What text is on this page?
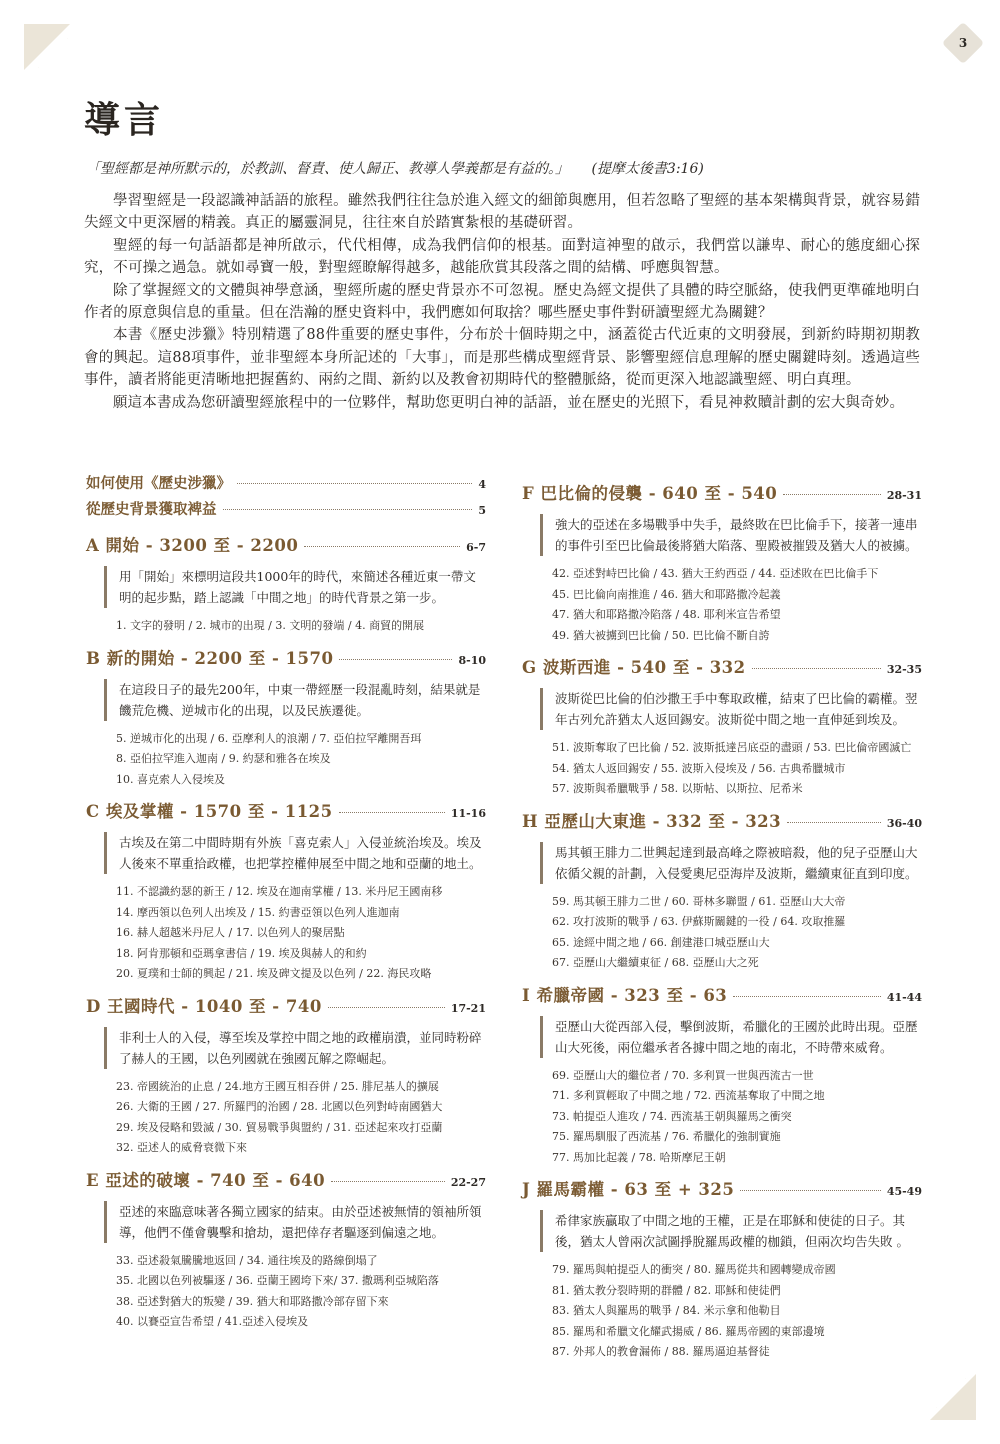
3
導言
「聖經都是神所默示的，於教訓、督責、使人歸正、教導人學義都是有益的。」 (提摩太後書3:16)

學習聖經是一段認識神話語的旅程。雖然我們往往急於進入經文的細節與應用，但若忽略了聖經的基本架構與背景，就容易錯失經文中更深層的精義。真正的屬靈洞見，往往來自於踏實紮根的基礎研習。

聖經的每一句話語都是神所啟示，代代相傳，成為我們信仰的根基。面對這神聖的啟示，我們當以謙卑、耐心的態度細心探究，不可操之過急。就如尋寶一般，對聖經瞭解得越多，越能欣賞其段落之間的結構、呼應與智慧。

除了掌握經文的文體與神學意涵，聖經所處的歷史背景亦不可忽視。歷史為經文提供了具體的時空脈絡，使我們更準確地明白作者的原意與信息的重量。但在浩瀚的歷史資料中，我們應如何取捨？哪些歷史事件對研讀聖經尤為關鍵？

本書《歷史涉獵》特別精選了88件重要的歷史事件，分布於十個時期之中，涵蓋從古代近東的文明發展，到新約時期初期教會的興起。這88項事件，並非聖經本身所記述的「大事」，而是那些構成聖經背景、影響聖經信息理解的歷史關鍵時刻。透過這些事件，讀者將能更清晰地把握舊約、兩約之間、新約以及教會初期時代的整體脈絡，從而更深入地認識聖經、明白真理。

願這本書成為您研讀聖經旅程中的一位夥伴，幫助您更明白神的話語，並在歷史的光照下，看見神救贖計劃的宏大與奇妙。

如何使用《歷史涉獵》	4
從歷史背景獲取裨益	5
A 開始 - 3200 至 - 2200	6-7
用「開始」來標明這段共1000年的時代，來簡述各種近東一帶文明的起步點，踏上認識「中間之地」的時代背景之第一步。
1. 文字的發明 / 2. 城市的出現 / 3. 文明的發端 / 4. 商貿的開展
B 新的開始 - 2200 至 - 1570	8-10
在這段日子的最先200年，中東一帶經歷一段混亂時刻，結果就是饑荒危機、逆城市化的出現，以及民族遷徙。
5. 逆城市化的出現 / 6. 亞摩利人的浪潮 / 7. 亞伯拉罕離開吾珥
8. 亞伯拉罕進入迦南 / 9. 約瑟和雅各在埃及
10. 喜克索人入侵埃及
C 埃及掌權 - 1570 至 - 1125	11-16
古埃及在第二中間時期有外族「喜克索人」入侵並統治埃及。埃及人後來不單重拾政權，也把掌控權伸展至中間之地和亞蘭的地土。
11. 不認識約瑟的新王 / 12. 埃及在迦南掌權 / 13. 米丹尼王國南移
14. 摩西領以色列人出埃及 / 15. 約書亞領以色列人進迦南
16. 赫人超越米丹尼人 / 17. 以色列人的聚居點
18. 阿肯那頓和亞瑪拿書信 / 19. 埃及與赫人的和約
20. 夏璞和士師的興起 / 21. 埃及碑文提及以色列 / 22. 海民攻略
D 王國時代 - 1040 至 - 740	17-21
非利士人的入侵，導至埃及掌控中間之地的政權崩潰，並同時粉碎了赫人的王國，以色列國就在強國瓦解之際崛起。
23. 帝國統治的止息 / 24.地方王國互相吞併 / 25. 腓尼基人的擴展
26. 大衛的王國 / 27. 所羅門的治國 / 28. 北國以色列對峙南國猶大
29. 埃及侵略和毀滅 / 30. 貿易戰爭與盟約 / 31. 亞述起來攻打亞蘭
32. 亞述人的威脅衰微下來
E 亞述的破壞 - 740 至 - 640	22-27
亞述的來臨意味著各獨立國家的結束。由於亞述被無情的領袖所領導，他們不僅會襲擊和搶劫，還把倖存者驅逐到偏遠之地。
33. 亞述殺氣騰騰地返回 / 34. 通往埃及的路線倒塌了
35. 北國以色列被驅逐 / 36. 亞蘭王國垮下來/ 37. 撒瑪利亞城陷落
38. 亞述對猶大的叛變 / 39. 猶大和耶路撒冷部存留下來
40. 以賽亞宣告希望 / 41.亞述入侵埃及
F 巴比倫的侵襲 - 640 至 - 540	28-31
強大的亞述在多場戰爭中失手，最終敗在巴比倫手下，接著一連串的事件引至巴比倫最後將猶大陷落、聖殿被摧毀及猶大人的被擄。
42. 亞述對峙巴比倫 / 43. 猶大王約西亞 / 44. 亞述敗在巴比倫手下
45. 巴比倫向南推進 / 46. 猶大和耶路撒冷起義
47. 猶大和耶路撒冷陷落 / 48. 耶利米宣告希望
49. 猶大被擄到巴比倫 / 50. 巴比倫不斷自誇
G 波斯西進 - 540 至 - 332	32-35
波斯從巴比倫的伯沙撒王手中奪取政權，結束了巴比倫的霸權。翌年古列允許猶太人返回錫安。波斯從中間之地一直伸延到埃及。
51. 波斯奪取了巴比倫 / 52. 波斯抵達呂底亞的盡頭 / 53. 巴比倫帝國滅亡
54. 猶太人返回錫安 / 55. 波斯入侵埃及 / 56. 古典希臘城市
57. 波斯與希臘戰爭 / 58. 以斯帖、以斯拉、尼希米
H 亞歷山大東進 - 332 至 - 323	36-40
馬其頓王腓力二世興起達到最高峰之際被暗殺，他的兒子亞歷山大依循父親的計劃，入侵愛奧尼亞海岸及波斯，繼續東征直到印度。
59. 馬其頓王腓力二世 / 60. 哥林多聯盟 / 61. 亞歷山大大帝
62. 攻打波斯的戰爭 / 63. 伊蘇斯關鍵的一役 / 64. 攻取推羅
65. 途經中間之地 / 66. 創建港口城亞歷山大
67. 亞歷山大繼續東征 / 68. 亞歷山大之死
I 希臘帝國 - 323 至 - 63	41-44
亞歷山大從西部入侵，擊倒波斯，希臘化的王國於此時出現。亞歷山大死後，兩位繼承者各據中間之地的南北，不時帶來威脅。
69. 亞歷山大的繼位者 / 70. 多利買一世與西流古一世
71. 多利買輕取了中間之地 / 72. 西流基奪取了中間之地
73. 帕提亞人進攻 / 74. 西流基王朝與羅馬之衝突
75. 羅馬馴服了西流基 / 76. 希臘化的強制實施
77. 馬加比起義 / 78. 哈斯摩尼王朝
J 羅馬霸權 - 63 至 + 325	45-49
希律家族贏取了中間之地的王權，正是在耶穌和使徒的日子。其後，猶太人曾兩次試圖掙脫羅馬政權的枷鎖，但兩次均告失敗 。
79. 羅馬與帕提亞人的衝突 / 80. 羅馬從共和國轉變成帝國
81. 猶太教分裂時期的群體 / 82. 耶穌和使徒們
83. 猶太人與羅馬的戰爭 / 84. 米示拿和他勒目
85. 羅馬和希臘文化耀武揚威 / 86. 羅馬帝國的東部邊境
87. 外邦人的教會漏佈 / 88. 羅馬逼迫基督徒
